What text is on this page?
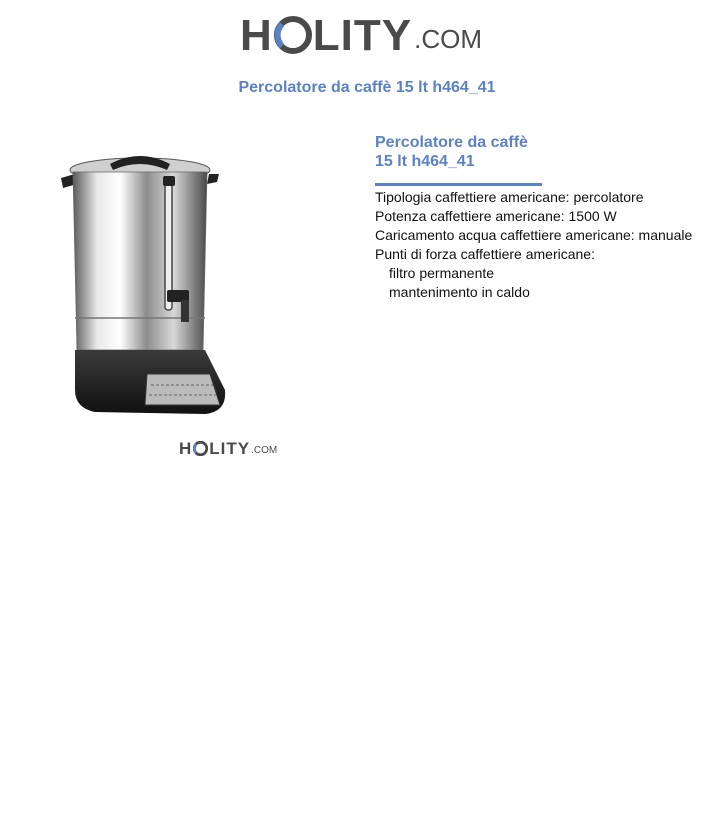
H LITY .COM
Percolatore da caffè 15 lt h464_41
H LITY .COM
Percolatore da caffè
15 lt h464_41
Tipologia caffettiere americane: percolatore
Potenza caffettiere americane: 1500 W
Caricamento acqua caffettiere americane: manuale
Punti di forza caffettiere americane:
filtro permanente
mantenimento in caldo
